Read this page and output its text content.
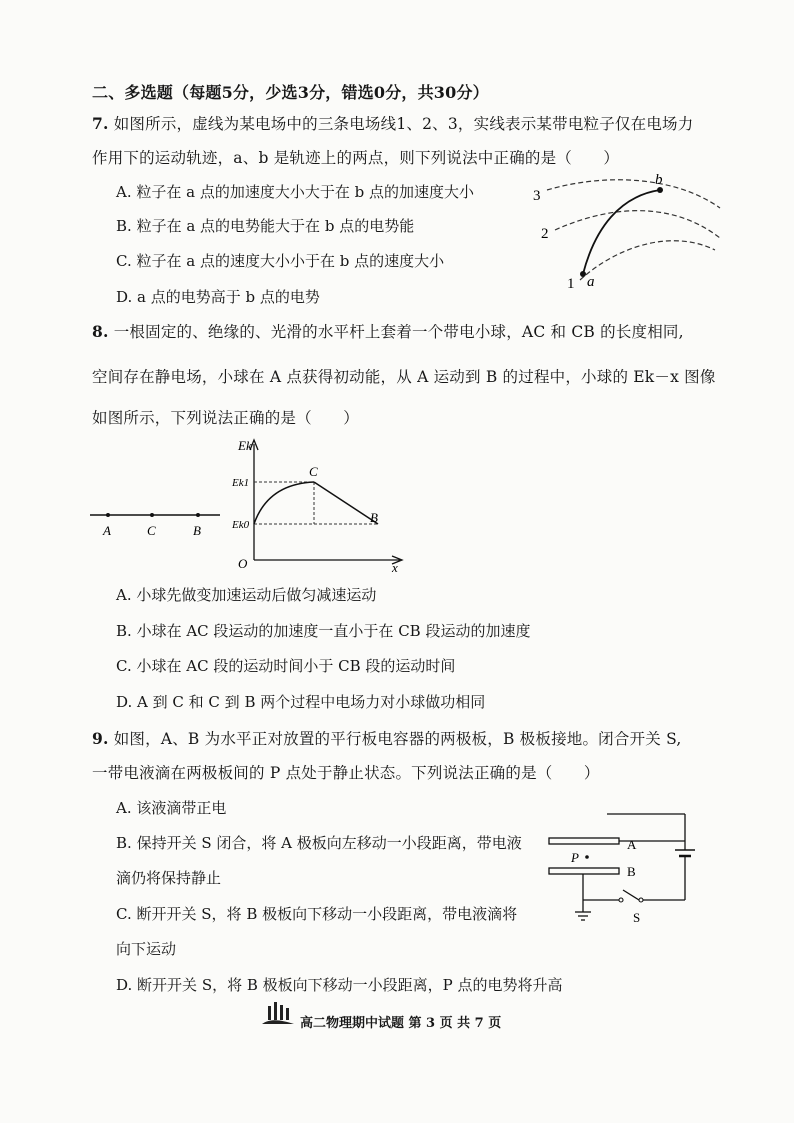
二、多选题（每题5分，少选3分，错选0分，共30分）
7. 如图所示，虚线为某电场中的三条电场线1、2、3，实线表示某带电粒子仅在电场力
作用下的运动轨迹，a、b 是轨迹上的两点，则下列说法中正确的是（　　）
A. 粒子在 a 点的加速度大小大于在 b 点的加速度大小
B. 粒子在 a 点的电势能大于在 b 点的电势能
C. 粒子在 a 点的速度大小小于在 b 点的速度大小
D. a 点的电势高于 b 点的电势
3
2
1 a
b
8. 一根固定的、绝缘的、光滑的水平杆上套着一个带电小球，AC 和 CB 的长度相同,
空间存在静电场，小球在 A 点获得初动能，从 A 运动到 B 的过程中，小球的 Ek－x 图像
如图所示，下列说法正确的是（　　）
A	C	B
Ek
Ek1
Ek0
O	x
C
B
A. 小球先做变加速运动后做匀减速运动
B. 小球在 AC 段运动的加速度一直小于在 CB 段运动的加速度
C. 小球在 AC 段的运动时间小于 CB 段的运动时间
D. A 到 C 和 C 到 B 两个过程中电场力对小球做功相同
9. 如图，A、B 为水平正对放置的平行板电容器的两极板，B 极板接地。闭合开关 S,
一带电液滴在两极板间的 P 点处于静止状态。下列说法正确的是（　　）
A. 该液滴带正电
B. 保持开关 S 闭合，将 A 极板向左移动一小段距离，带电液
滴仍将保持静止
C. 断开开关 S，将 B 极板向下移动一小段距离，带电液滴将
向下运动
D. 断开开关 S，将 B 极板向下移动一小段距离，P 点的电势将升高
A
B
P
S
高二物理期中试题 第 3 页 共 7 页
